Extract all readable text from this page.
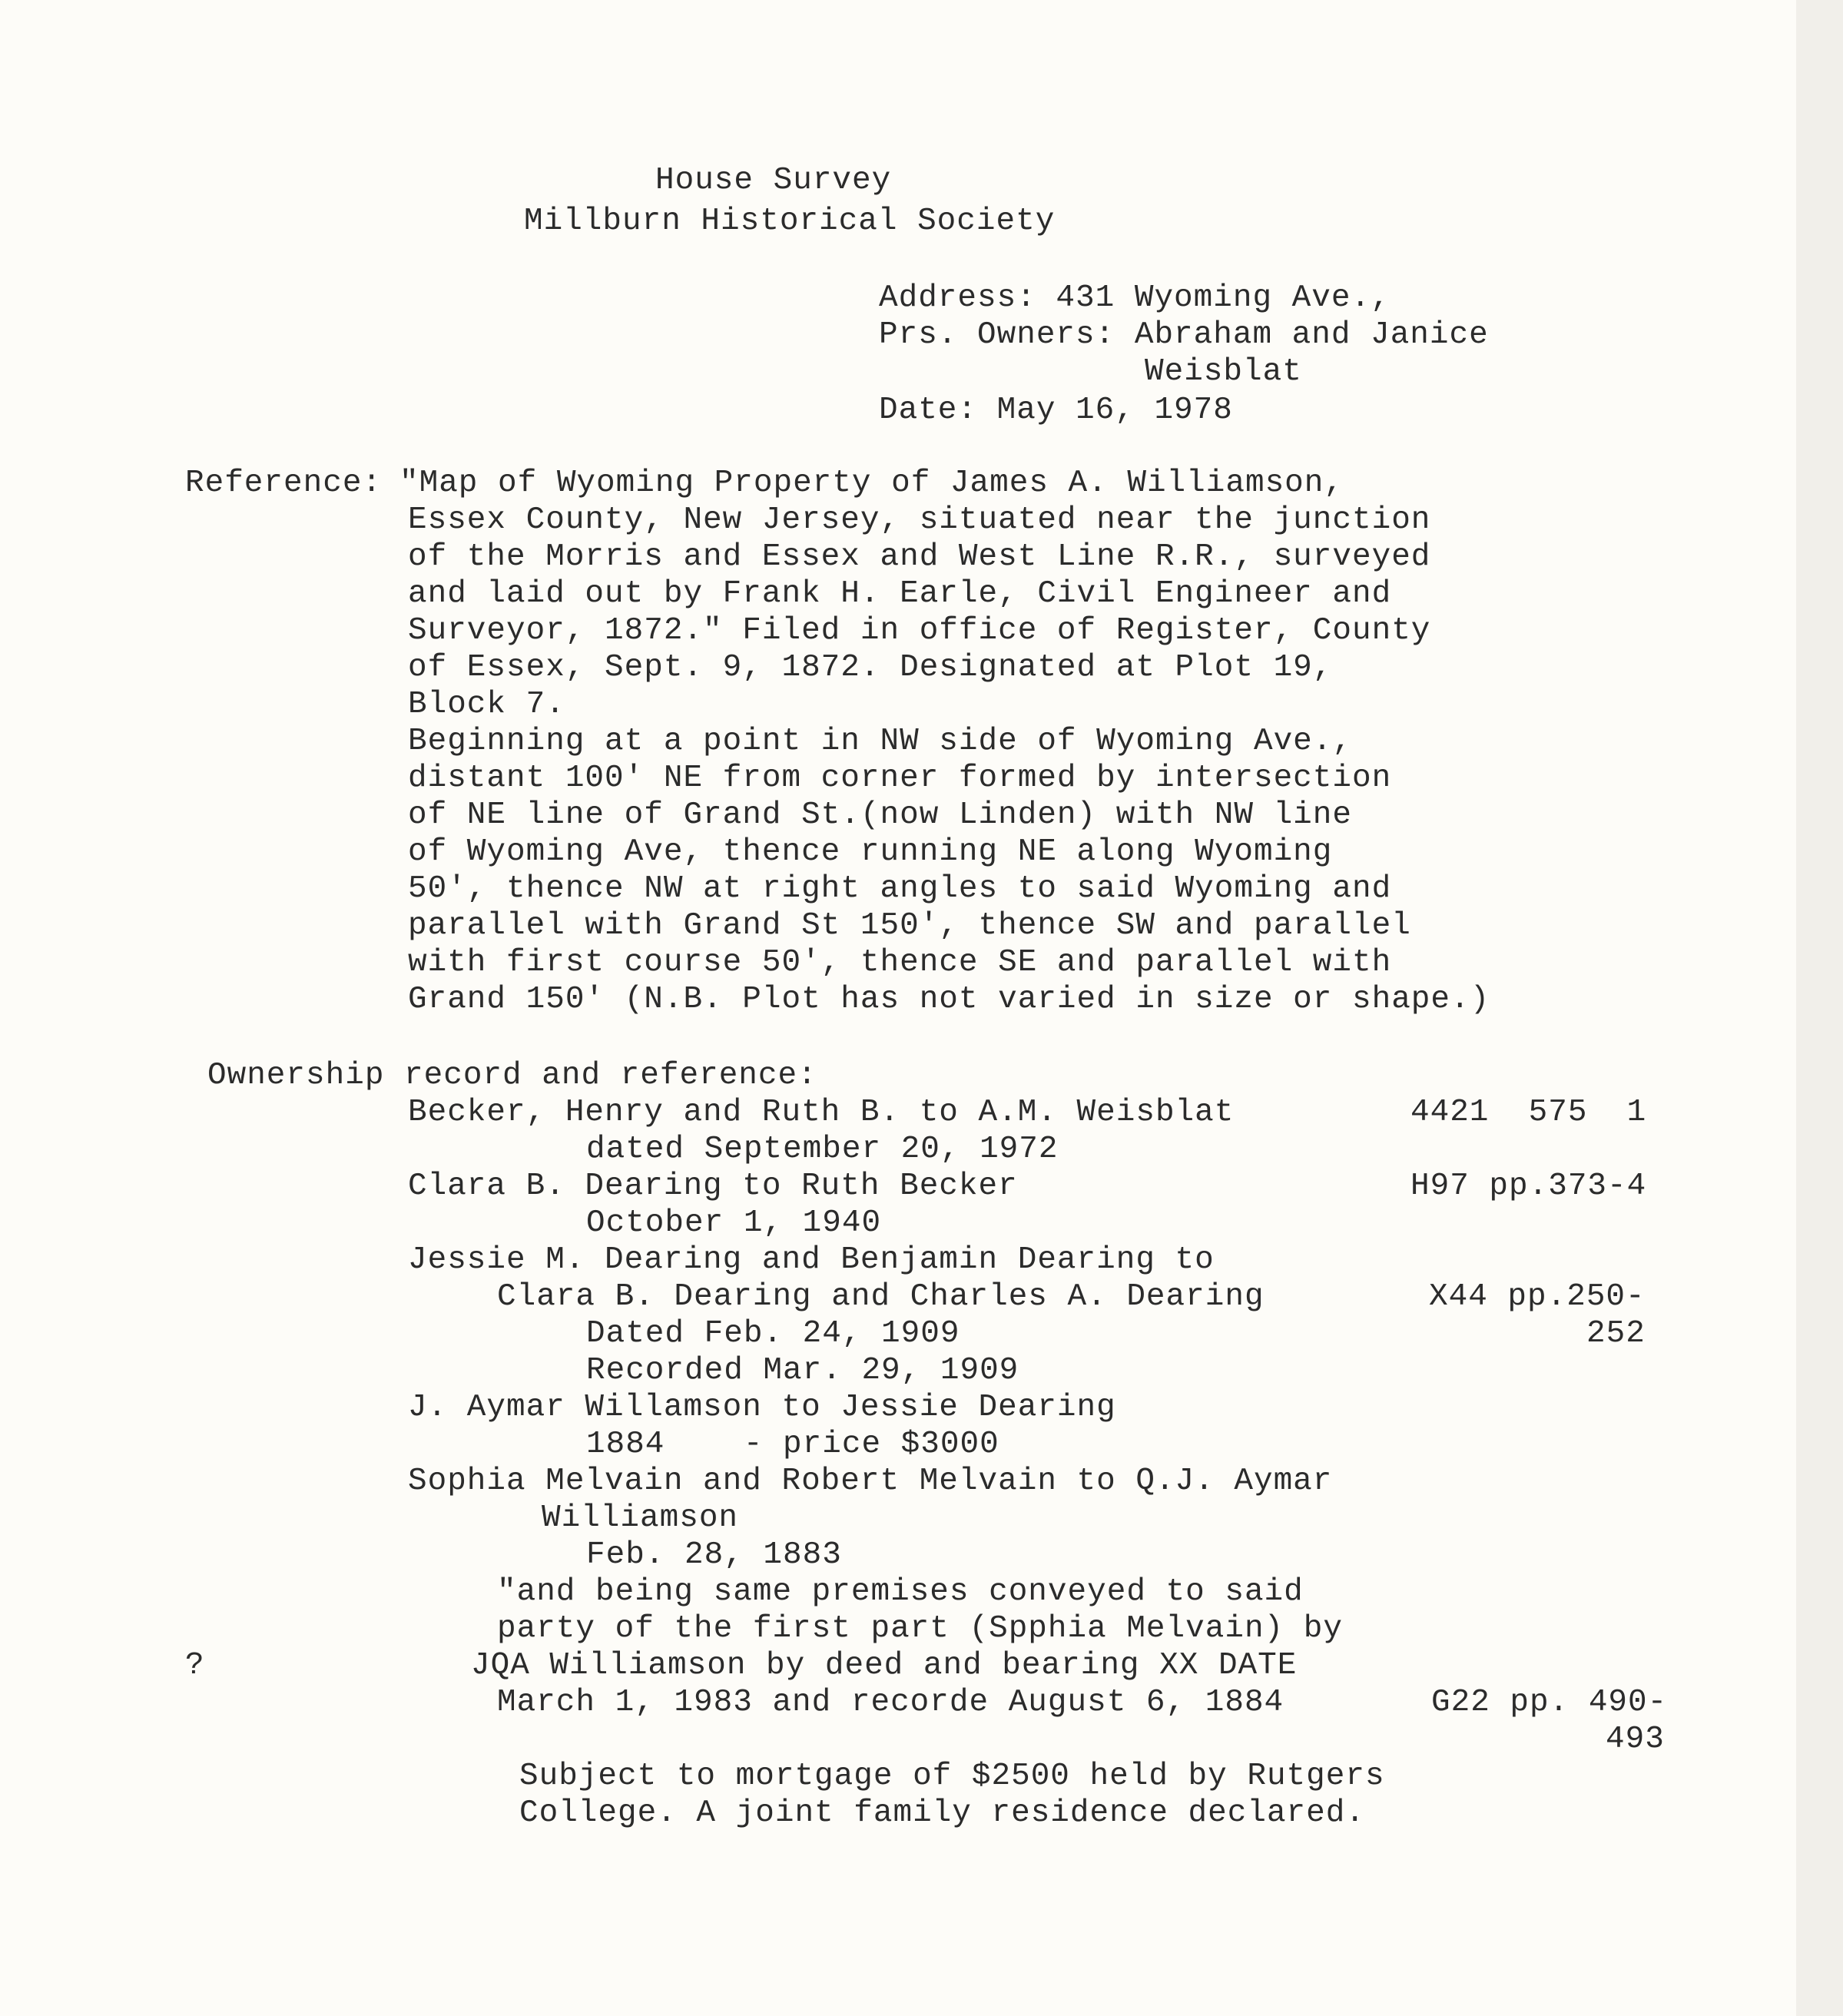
House Survey
Millburn Historical Society
Address: 431 Wyoming Ave.,
Prs. Owners: Abraham and Janice
Weisblat
Date: May 16, 1978
Reference: "Map of Wyoming Property of James A. Williamson,
Essex County, New Jersey, situated near the junction
of the Morris and Essex and West Line R.R., surveyed
and laid out by Frank H. Earle, Civil Engineer and
Surveyor, 1872." Filed in office of Register, County
of Essex, Sept. 9, 1872. Designated at Plot 19,
Block 7.
Beginning at a point in NW side of Wyoming Ave.,
distant 100' NE from corner formed by intersection
of NE line of Grand St.(now Linden) with NW line
of Wyoming Ave, thence running NE along Wyoming
50', thence NW at right angles to said Wyoming and
parallel with Grand St 150', thence SW and parallel
with first course 50', thence SE and parallel with
Grand 150' (N.B. Plot has not varied in size or shape.)
Ownership record and reference:
Becker, Henry and Ruth B. to A.M. Weisblat	4421  575  1
dated September 20, 1972
Clara B. Dearing to Ruth Becker	H97 pp.373-4
October 1, 1940
Jessie M. Dearing and Benjamin Dearing to
Clara B. Dearing and Charles A. Dearing	X44 pp.250-
Dated Feb. 24, 1909	252
Recorded Mar. 29, 1909
J. Aymar Willamson to Jessie Dearing
1884    - price $3000
Sophia Melvain and Robert Melvain to Q.J. Aymar
Williamson
Feb. 28, 1883
"and being same premises conveyed to said
party of the first part (Spphia Melvain) by
?	JQA Williamson by deed and bearing XX DATE
March 1, 1983 and recorde August 6, 1884	G22 pp. 490-
493
Subject to mortgage of $2500 held by Rutgers
College. A joint family residence declared.
